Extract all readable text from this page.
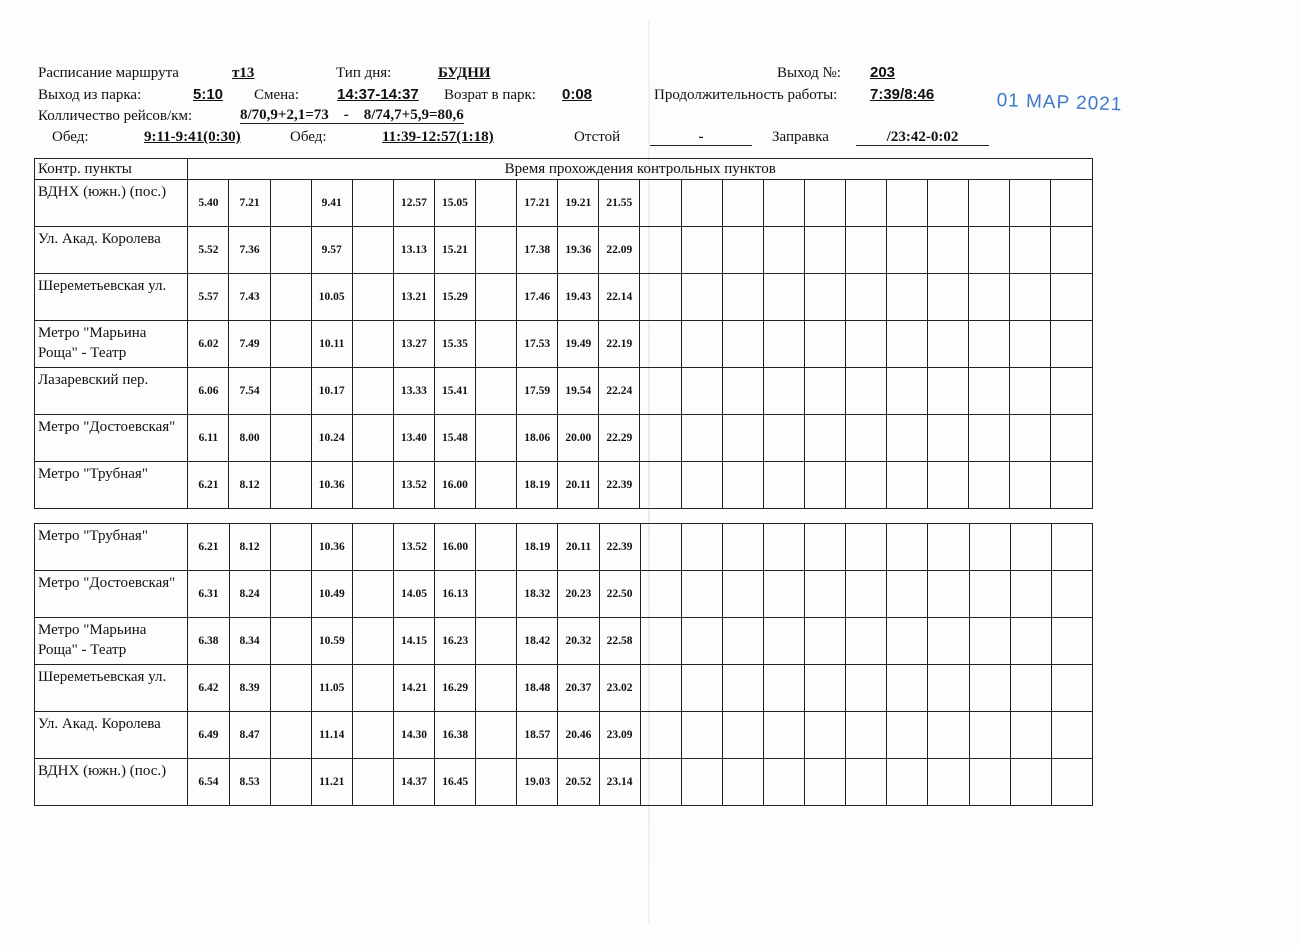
Расписание маршрута	т13	Тип дня:	БУДНИ	Выход №: 203
Выход из парка:	5:10 Смена:	14:37-14:37 Возрат в парк: 0:08	Продолжительность работы: 7:39/8:46	01 MAP 2021
Колличество рейсов/км:	8/70,9+2,1=73    -    8/74,7+5,9=80,6
Обед:	9:11-9:41(0:30)	Обед:	11:39-12:57(1:18)	Отстой	-	Заправка	/23:42-0:02
Контр. пункты	Время прохождения контрольных пунктов																					
ВДНХ (южн.) (пос.)	5.40	7.21		9.41		12.57	15.05		17.21	19.21	21.55											
Ул. Акад. Королева	5.52	7.36		9.57		13.13	15.21		17.38	19.36	22.09											
Шереметьевская ул.	5.57	7.43		10.05		13.21	15.29		17.46	19.43	22.14											
Метро "Марьина Роща" - Театр	6.02	7.49		10.11		13.27	15.35		17.53	19.49	22.19											
Лазаревский пер.	6.06	7.54		10.17		13.33	15.41		17.59	19.54	22.24											
Метро "Достоевская"	6.11	8.00		10.24		13.40	15.48		18.06	20.00	22.29											
Метро "Трубная"	6.21	8.12		10.36		13.52	16.00		18.19	20.11	22.39											
Метро "Трубная"	6.21	8.12		10.36		13.52	16.00		18.19	20.11	22.39											
Метро "Достоевская"	6.31	8.24		10.49		14.05	16.13		18.32	20.23	22.50											
Метро "Марьина Роща" - Театр	6.38	8.34		10.59		14.15	16.23		18.42	20.32	22.58											
Шереметьевская ул.	6.42	8.39		11.05		14.21	16.29		18.48	20.37	23.02											
Ул. Акад. Королева	6.49	8.47		11.14		14.30	16.38		18.57	20.46	23.09											
ВДНХ (южн.) (пос.)	6.54	8.53		11.21		14.37	16.45		19.03	20.52	23.14											
